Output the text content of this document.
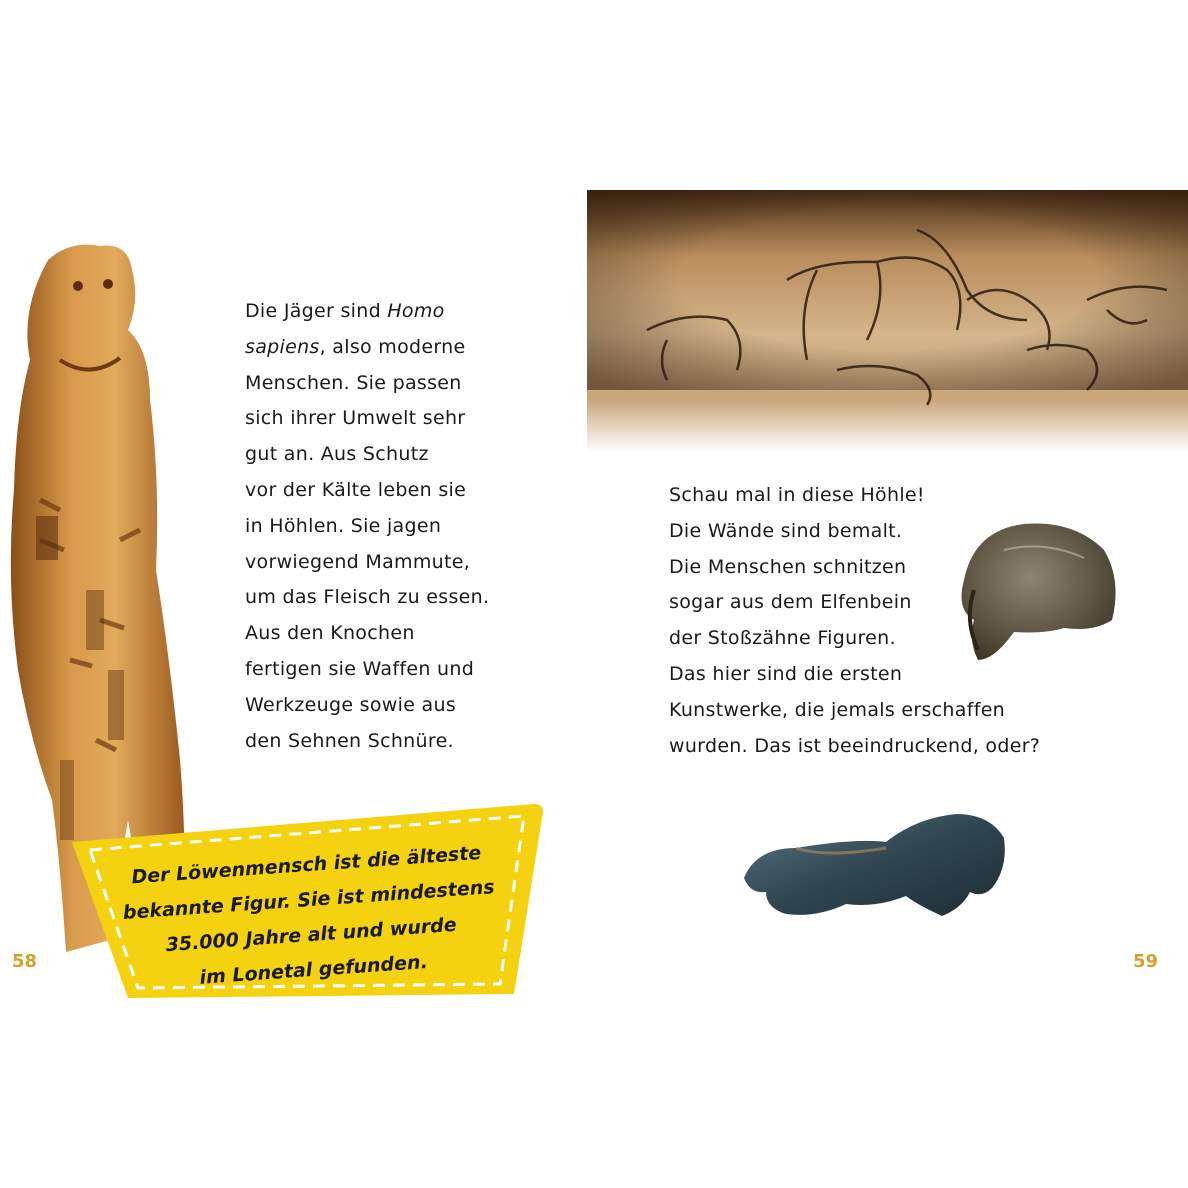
Die Jäger sind Homo

sapiens, also moderne

Menschen. Sie passen

sich ihrer Umwelt sehr

gut an. Aus Schutz

vor der Kälte leben sie

in Höhlen. Sie jagen

vorwiegend Mammute,

um das Fleisch zu essen.

Aus den Knochen

fertigen sie Waffen und

Werkzeuge sowie aus

den Sehnen Schnüre.

Der Löwenmensch ist die älteste

bekannte Figur. Sie ist mindestens

35.000 Jahre alt und wurde

im Lonetal gefunden.

58

Schau mal in diese Höhle!

Die Wände sind bemalt.

Die Menschen schnitzen

sogar aus dem Elfenbein

der Stoßzähne Figuren.

Das hier sind die ersten

Kunstwerke, die jemals erschaffen

wurden. Das ist beeindruckend, oder?

59
